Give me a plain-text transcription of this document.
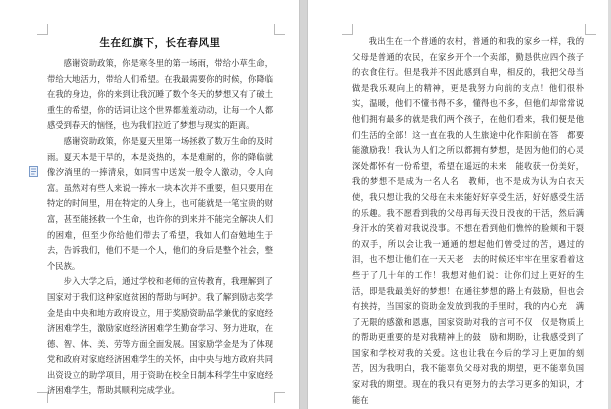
生在红旗下，长在春风里

感谢资助政策，你是寒冬里的第一场雨，带给小草生命，带给大地活力，带给人们希望。在我最需要你的时候，你降临在我的身边，你的来到让我沉睡了数个冬天的梦想又有了破土重生的希望，你的话词让这个世界都羞羞动动，让每一个人都感受到春天的恼怪，也为我们拉近了梦想与现实的距离。

感谢资助政策，你是夏天里第一场拯救了数万生命的及时雨。夏天本是干旱的，本是炎热的，本是难耐的，你的降临就像汐淌里的一捧清泉，如同雪中送炭一般令人激动，令人向富。虽然对有些人来说一捧水一块本次并不重要，但只要用在特定的时间里，用在特定的人身上，也可能就是一笔宝贵的财富，甚至能拯救一个生命，也许你的到来并不能完全解决人们的困难，但至少你给他们带去了希望，我如人们奋勉地生于去，告诉我们，他们不是一个人，他们的身后是整个社会，整个民族。

步入大学之后，通过学校和老师的宣传教育，我理解到了国家对于我们这种家庭贫困的帮助与呵护。我了解到励志奖学金是由中央和地方政府设立，用于奖励资助品学兼优的家庭经济困难学生，激励家庭经济困难学生勤奋学习、努力进取，在德、智、体、美、劳等方面全面发展。国家励学金是为了体现党和政府对家庭经济困难学生的关怀，由中央与地方政府共同出资设立的助学项目，用于资助在校全日制本科学生中家庭经济困难学生，帮助其顺利完成学业。

我出生在一个普通的农村，普通的和我的家乡一样，我的父母是普通的农民，在家乡开个一个卖部，勤恳供应四个孩子的衣食住行。但是我并不因此感到自卑，相反的，我把父母当做是我乐观向上的精神，更是我努力向前的支点！他们很朴实，温暖，他们不懂书得不多，懂得也不多，但他们却常常说他们拥有最多的就是我们两个孩子，在他们看来，我们便是他们生活的全部！这一直在我的人生旅途中化作阳前在答　都要能激励我！我认为人们之所以都拥有梦想，是因为他们的心灵深处都怀有一份希望，希望在遥远的未来　能收获一份美好，我的梦想不是成为一名人名　教师，也不是成为认为白衣天使，我只想让我的父母在未来能好好享受生活，好好感受生活的乐趣。我不愿看到我的父母再每天没日没夜的干活，然后满身汗水的笑着对我说没事。不想在看到他们憔悴的脸颊和干裂的双手，所以会让我一通通的想起他们曾受过的苦，遇过的泪，也不想让他们在一天天老　去的时候还牢牢在里家看着这些于了几十年的工作！我想对他们说：让你们过上更好的生活，即是我最美好的梦想！在通往梦想的路上有鼓励，但也会有挟持，当国家的资助金发放到我的手里时，我的内心充　满了无限的感激和恩惠，国家资助对我的言可不仅　仅是物质上的帮助更重要的是对我精神上的鼓　励和期盼，让我感受到了国家和学校对我的关爱。这也让我在今后的学习上更加的刻苦，因为我明白，我不能辜负父母对我的期望，更不能辜负国家对我的期望。现在的我只有更努力的去学习更多的知识，才能在
